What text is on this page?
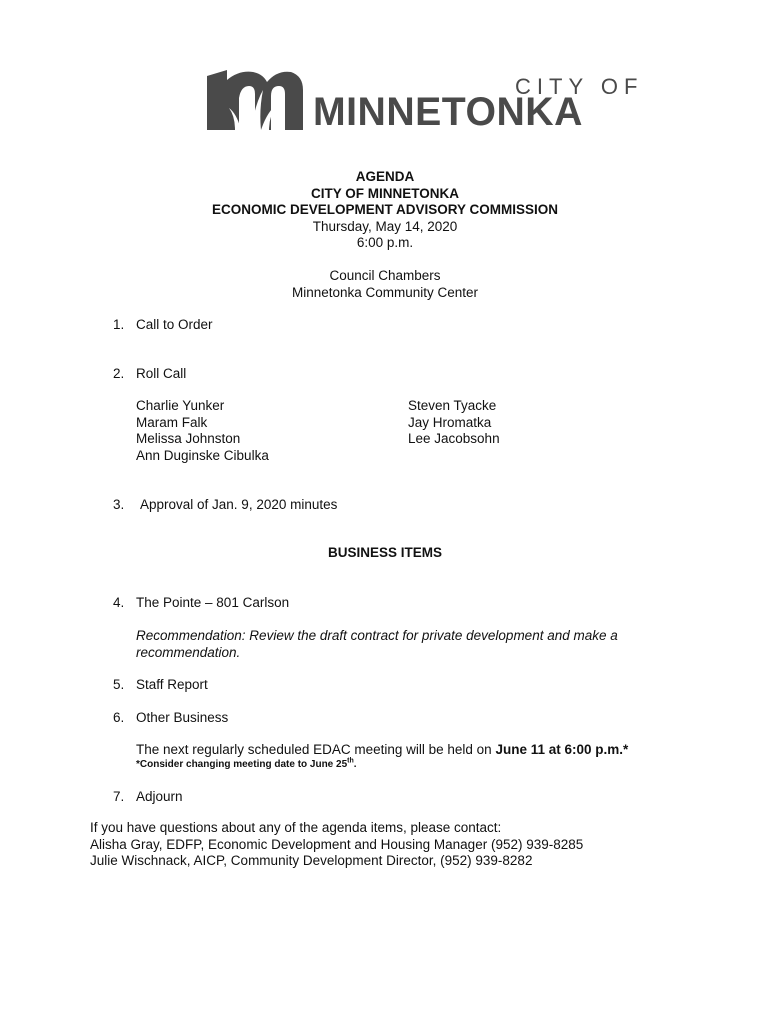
CITY OF
MINNETONKA
AGENDA
CITY OF MINNETONKA
ECONOMIC DEVELOPMENT ADVISORY COMMISSION
Thursday, May 14, 2020
6:00 p.m.
Council Chambers
Minnetonka Community Center
1. Call to Order
2. Roll Call
Charlie Yunker
Maram Falk
Melissa Johnston
Ann Duginske Cibulka
Steven Tyacke
Jay Hromatka
Lee Jacobsohn
3. Approval of Jan. 9, 2020 minutes
BUSINESS ITEMS
4. The Pointe – 801 Carlson
Recommendation: Review the draft contract for private development and make a
recommendation.
5. Staff Report
6. Other Business
The next regularly scheduled EDAC meeting will be held on June 11 at 6:00 p.m.*
*Consider changing meeting date to June 25th.
7. Adjourn
If you have questions about any of the agenda items, please contact:
Alisha Gray, EDFP, Economic Development and Housing Manager (952) 939-8285
Julie Wischnack, AICP, Community Development Director, (952) 939-8282
